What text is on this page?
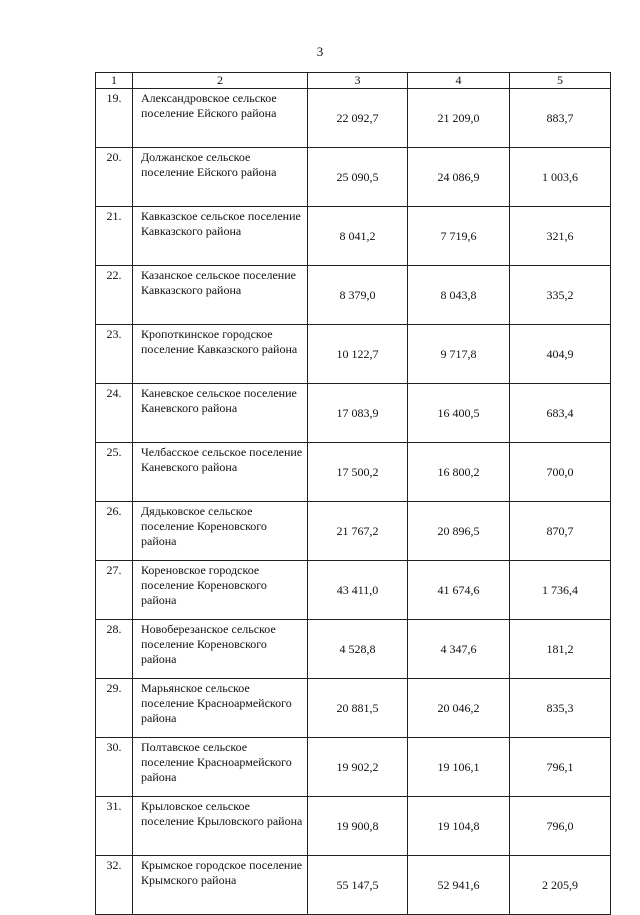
3
1	2	3	4	5
19.	Александровское сельское поселение Ейского района	22 092,7	21 209,0	883,7
20.	Должанское сельское поселение Ейского района	25 090,5	24 086,9	1 003,6
21.	Кавказское сельское поселение Кавказского района	8 041,2	7 719,6	321,6
22.	Казанское сельское поселение Кавказского района	8 379,0	8 043,8	335,2
23.	Кропоткинское городское поселение Кавказского района	10 122,7	9 717,8	404,9
24.	Каневское сельское поселение Каневского района	17 083,9	16 400,5	683,4
25.	Челбасское сельское поселение Каневского района	17 500,2	16 800,2	700,0
26.	Дядьковское сельское поселение Кореновского района	21 767,2	20 896,5	870,7
27.	Кореновское городское поселение Кореновского района	43 411,0	41 674,6	1 736,4
28.	Новоберезанское сельское поселение Кореновского района	4 528,8	4 347,6	181,2
29.	Марьянское сельское поселение Красноармейского района	20 881,5	20 046,2	835,3
30.	Полтавское сельское поселение Красноармейского района	19 902,2	19 106,1	796,1
31.	Крыловское сельское поселение Крыловского района	19 900,8	19 104,8	796,0
32.	Крымское городское поселение Крымского района	55 147,5	52 941,6	2 205,9
